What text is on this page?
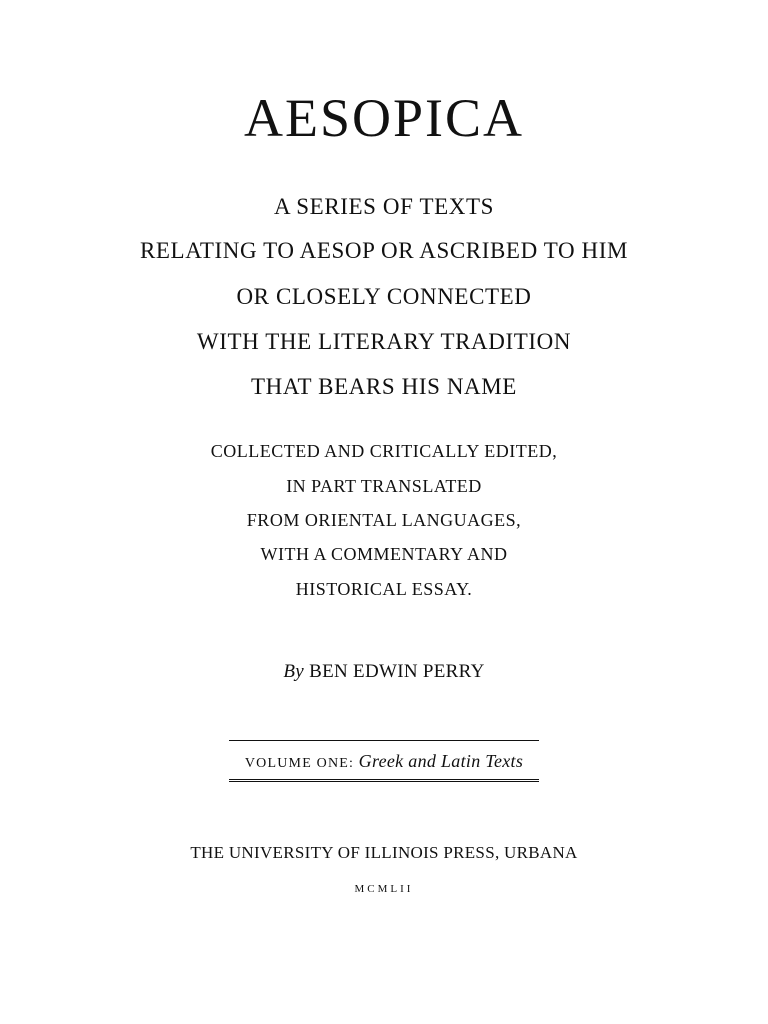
AESOPICA
A SERIES OF TEXTS
RELATING TO AESOP OR ASCRIBED TO HIM
OR CLOSELY CONNECTED
WITH THE LITERARY TRADITION
THAT BEARS HIS NAME
COLLECTED AND CRITICALLY EDITED,
IN PART TRANSLATED
FROM ORIENTAL LANGUAGES,
WITH A COMMENTARY AND
HISTORICAL ESSAY.
By BEN EDWIN PERRY
VOLUME ONE: Greek and Latin Texts
THE UNIVERSITY OF ILLINOIS PRESS, URBANA
MCMLII
